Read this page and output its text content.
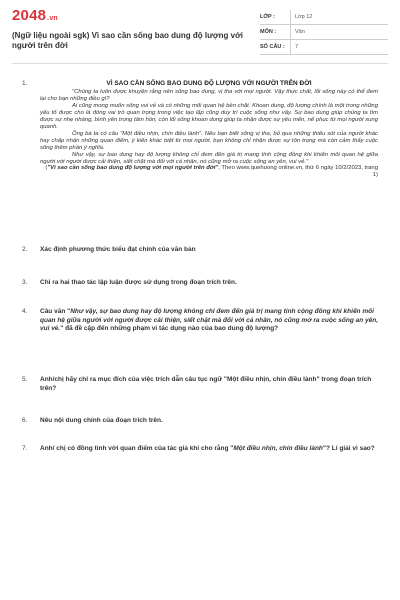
2048.vn
(Ngữ liệu ngoài sgk) Vì sao cần sống bao dung độ lượng với người trên đời
LỚP :	Lớp 12
MÔN :	Văn
SỐ CÂU :	7
1.	VÌ SAO CẦN SỐNG BAO DUNG ĐỘ LƯỢNG VỚI NGƯỜI TRÊN ĐỜI
"Chúng ta luôn được khuyên rằng nên sống bao dung, vị tha với mọi người. Vậy thực chất, lối sống này có thể đem lại cho bạn những điều gì?
Ai cũng mong muốn sống vui vẻ và có những mối quan hệ bền chặt. Khoan dung, độ lượng chính là một trong những yếu tố được cho là đóng vai trò quan trọng trong việc tạo lập cũng duy trì cuộc sống như vậy. Sự bao dung giúp chúng ta tìm được sự nhẹ nhàng, bình yên trong tâm hồn, còn lối sống khoan dung giúp ta nhận được sự yêu mến, nể phục từ mọi người xung quanh.
Ông bà ta có câu "Một điều nhịn, chín điều lành". Nếu bạn biết sống vị tha, bỏ qua những thiếu sót của người khác hay chấp nhận những quan điểm, ý kiến khác biệt từ mọi người, bạn không chỉ nhận được sự tôn trọng mà còn cảm thấy cuộc sống thêm phần ý nghĩa.
Như vậy, sự bao dung hay độ lượng không chỉ đem đến giá trị mang tính cộng đồng khi khiến mối quan hệ giữa người với người được cải thiện, siết chặt mà đối với cá nhân, nó cũng mở ra cuộc sống an yên, vui vẻ."
("Vì sao cần sống bao dung độ lượng với mọi người trên đời", Theo www.quehuong online.vn, thứ 6 ngày 10/2/2023, trang 1)
2. Xác định phương thức biểu đạt chính của văn bản
3. Chỉ ra hai thao tác lập luận được sử dụng trong đoạn trích trên.
4. Câu văn "Như vậy, sự bao dung hay độ lượng không chỉ đem đến giá trị mang tính cộng đồng khi khiến mối quan hệ giữa người với người được cải thiện, siết chặt mà đối với cá nhân, nó cũng mở ra cuộc sống an yên, vui vẻ." đã đề cập đến những phạm vi tác dụng nào của bao dung độ lượng?
5. Anh/chị hãy chỉ ra mục đích của việc trích dẫn câu tục ngữ "Một điều nhịn, chín điều lành" trong đoạn trích trên?
6. Nêu nội dung chính của đoạn trích trên.
7. Anh/ chị có đồng tình với quan điểm của tác giả khi cho rằng "Một điều nhịn, chín điều lành"? Lí giải vì sao?
